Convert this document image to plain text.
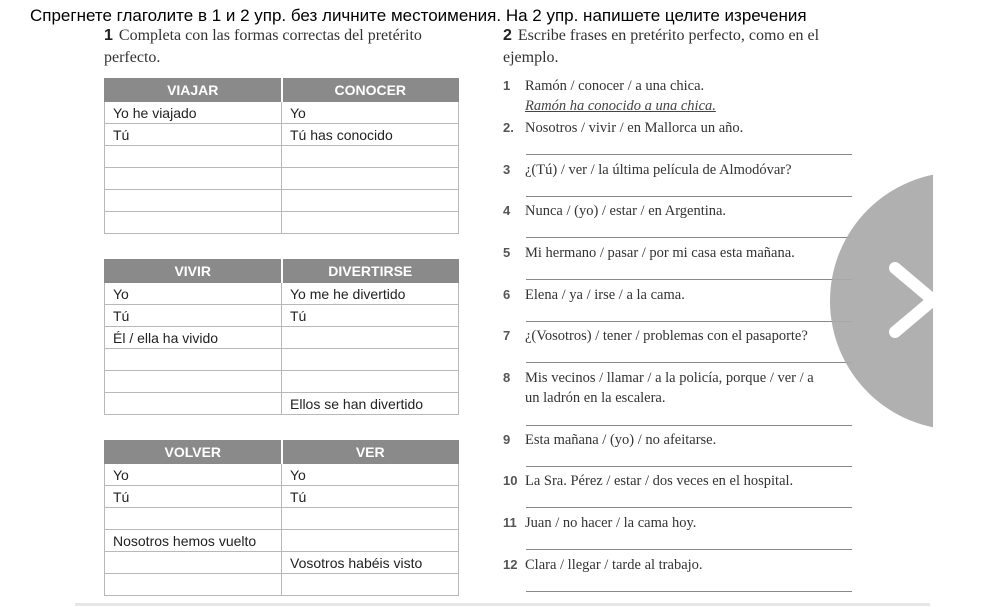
Спрегнете глаголите в 1 и 2 упр. без личните местоимения. На 2 упр. напишете целите изречения
1 Completa con las formas correctas del pretérito perfecto.
2 Escribe frases en pretérito perfecto, como en el ejemplo.
VIAJAR	CONOCER
Yo he viajado	Yo
Tú	Tú has conocido

VIVIR	DIVERTIRSE
Yo	Yo me he divertido
Tú	Tú
Él / ella ha vivido	

	Ellos se han divertido
VOLVER	VER
Yo	Yo
Tú	Tú

Nosotros hemos vuelto	
	Vosotros habéis visto

1 Ramón / conocer / a una chica.
Ramón ha conocido a una chica.
2. Nosotros / vivir / en Mallorca un año.
3 ¿(Tú) / ver / la última película de Almodóvar?
4 Nunca / (yo) / estar / en Argentina.
5 Mi hermano / pasar / por mi casa esta mañana.
6 Elena / ya / irse / a la cama.
7 ¿(Vosotros) / tener / problemas con el pasaporte?
8 Mis vecinos / llamar / a la policía, porque / ver / a
un ladrón en la escalera.
9 Esta mañana / (yo) / no afeitarse.
10 La Sra. Pérez / estar / dos veces en el hospital.
11 Juan / no hacer / la cama hoy.
12 Clara / llegar / tarde al trabajo.
